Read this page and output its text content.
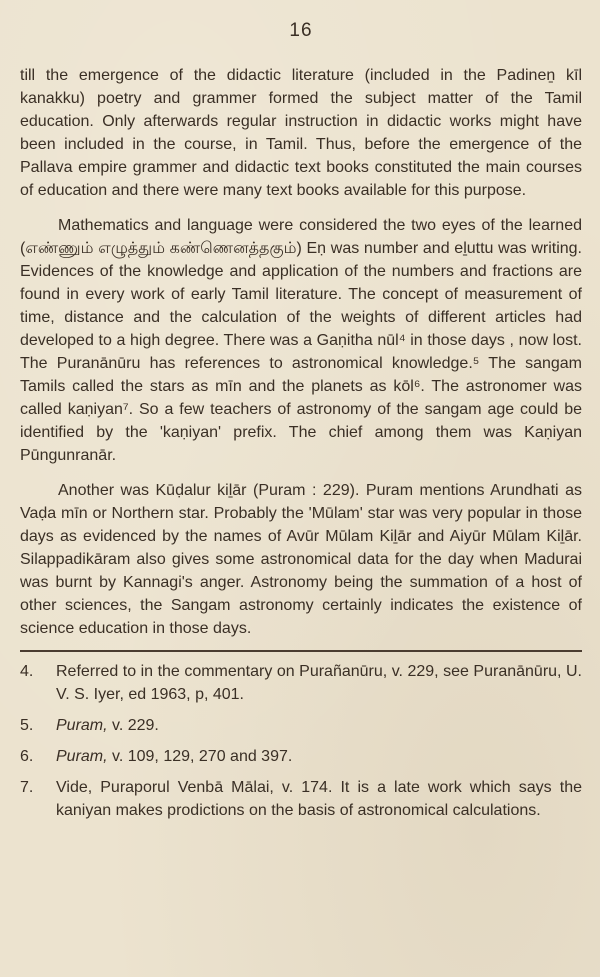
16

till the emergence of the didactic literature (included in the Padineṉ kīl kanakku) poetry and grammer formed the subject matter of the Tamil education. Only afterwards regular instruction in didactic works might have been included in the course, in Tamil. Thus, before the emergence of the Pallava empire grammer and didactic text books constituted the main courses of education and there were many text books available for this purpose.

Mathematics and language were considered the two eyes of the learned (எண்ணும் எழுத்தும் கண்ணெனத்தகும்) Eṇ was number and eḻuttu was writing. Evidences of the knowledge and application of the numbers and fractions are found in every work of early Tamil literature. The concept of measurement of time, distance and the calculation of the weights of different articles had developed to a high degree. There was a Gaṇitha nūl⁴ in those days , now lost. The Puranānūru has references to astronomical knowledge.⁵ The sangam Tamils called the stars as mīn and the planets as kōl⁶. The astronomer was called kaṇiyan⁷. So a few teachers of astronomy of the sangam age could be identified by the 'kaṇiyan' prefix. The chief among them was Kaṇiyan Pūngunranār.

Another was Kūḍalur kiḻār (Puram : 229). Puram mentions Arundhati as Vaḍa mīn or Northern star. Probably the 'Mūlam' star was very popular in those days as evidenced by the names of Avūr Mūlam Kiḻār and Aiyūr Mūlam Kiḻār. Silappadikāram also gives some astronomical data for the day when Madurai was burnt by Kannagi's anger. Astronomy being the summation of a host of other sciences, the Sangam astronomy certainly indicates the existence of science education in those days.

4.	Referred to in the commentary on Purañanūru, v. 229, see Puranānūru, U. V. S. Iyer, ed 1963, p, 401.
5.	Puram, v. 229.
6.	Puram, v. 109, 129, 270 and 397.
7.	Vide, Puraporul Venbā Mālai, v. 174. It is a late work which says the kaniyan makes prodictions on the basis of astronomical calculations.
